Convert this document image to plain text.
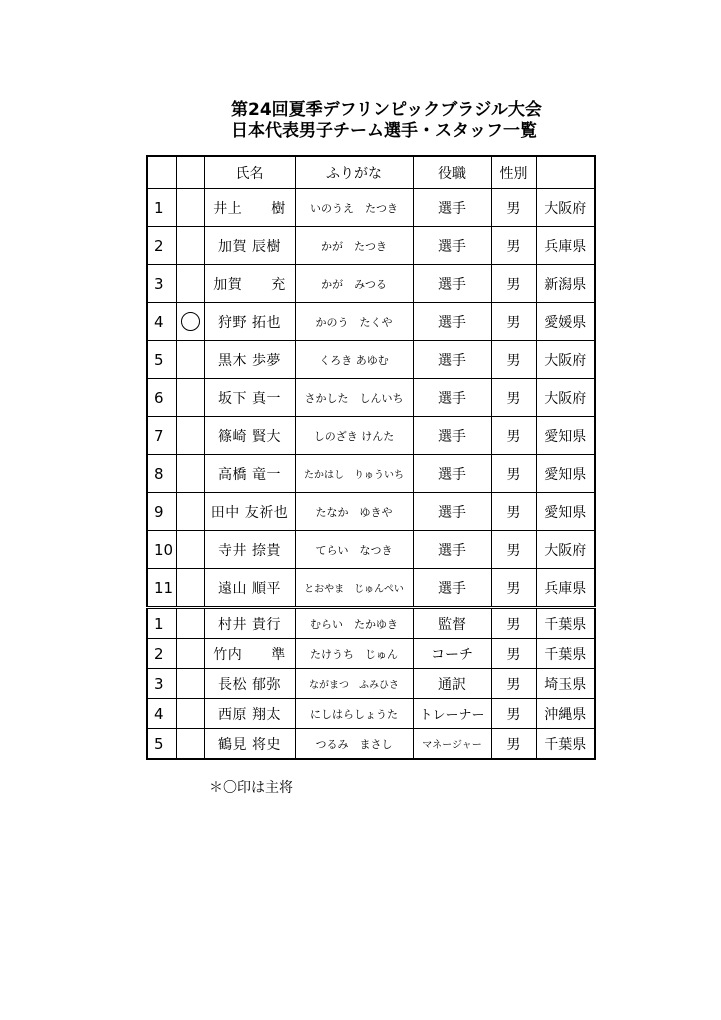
第24回夏季デフリンピックブラジル大会
日本代表男子チーム選手・スタッフ一覧
		氏名	ふりがな	役職	性別	
1		井上　　樹	いのうえ　たつき	選手	男	大阪府
2		加賀 辰樹	かが　たつき	選手	男	兵庫県
3		加賀　　充	かが　みつる	選手	男	新潟県
4		狩野 拓也	かのう　たくや	選手	男	愛媛県
5		黒木 歩夢	くろき あゆむ	選手	男	大阪府
6		坂下 真一	さかした　しんいち	選手	男	大阪府
7		篠崎 賢大	しのざき けんた	選手	男	愛知県
8		高橋 竜一	たかはし　りゅういち	選手	男	愛知県
9		田中 友祈也	たなか　ゆきや	選手	男	愛知県
10		寺井 捺貴	てらい　なつき	選手	男	大阪府
11		遠山 順平	とおやま　じゅんぺい	選手	男	兵庫県
1		村井 貴行	むらい　たかゆき	監督	男	千葉県
2		竹内　　準	たけうち　じゅん	コーチ	男	千葉県
3		長松 郁弥	ながまつ　ふみひさ	通訳	男	埼玉県
4		西原 翔太	にしはらしょうた	トレーナー	男	沖縄県
5		鶴見 将史	つるみ　まさし	マネージャー	男	千葉県
＊〇印は主将
